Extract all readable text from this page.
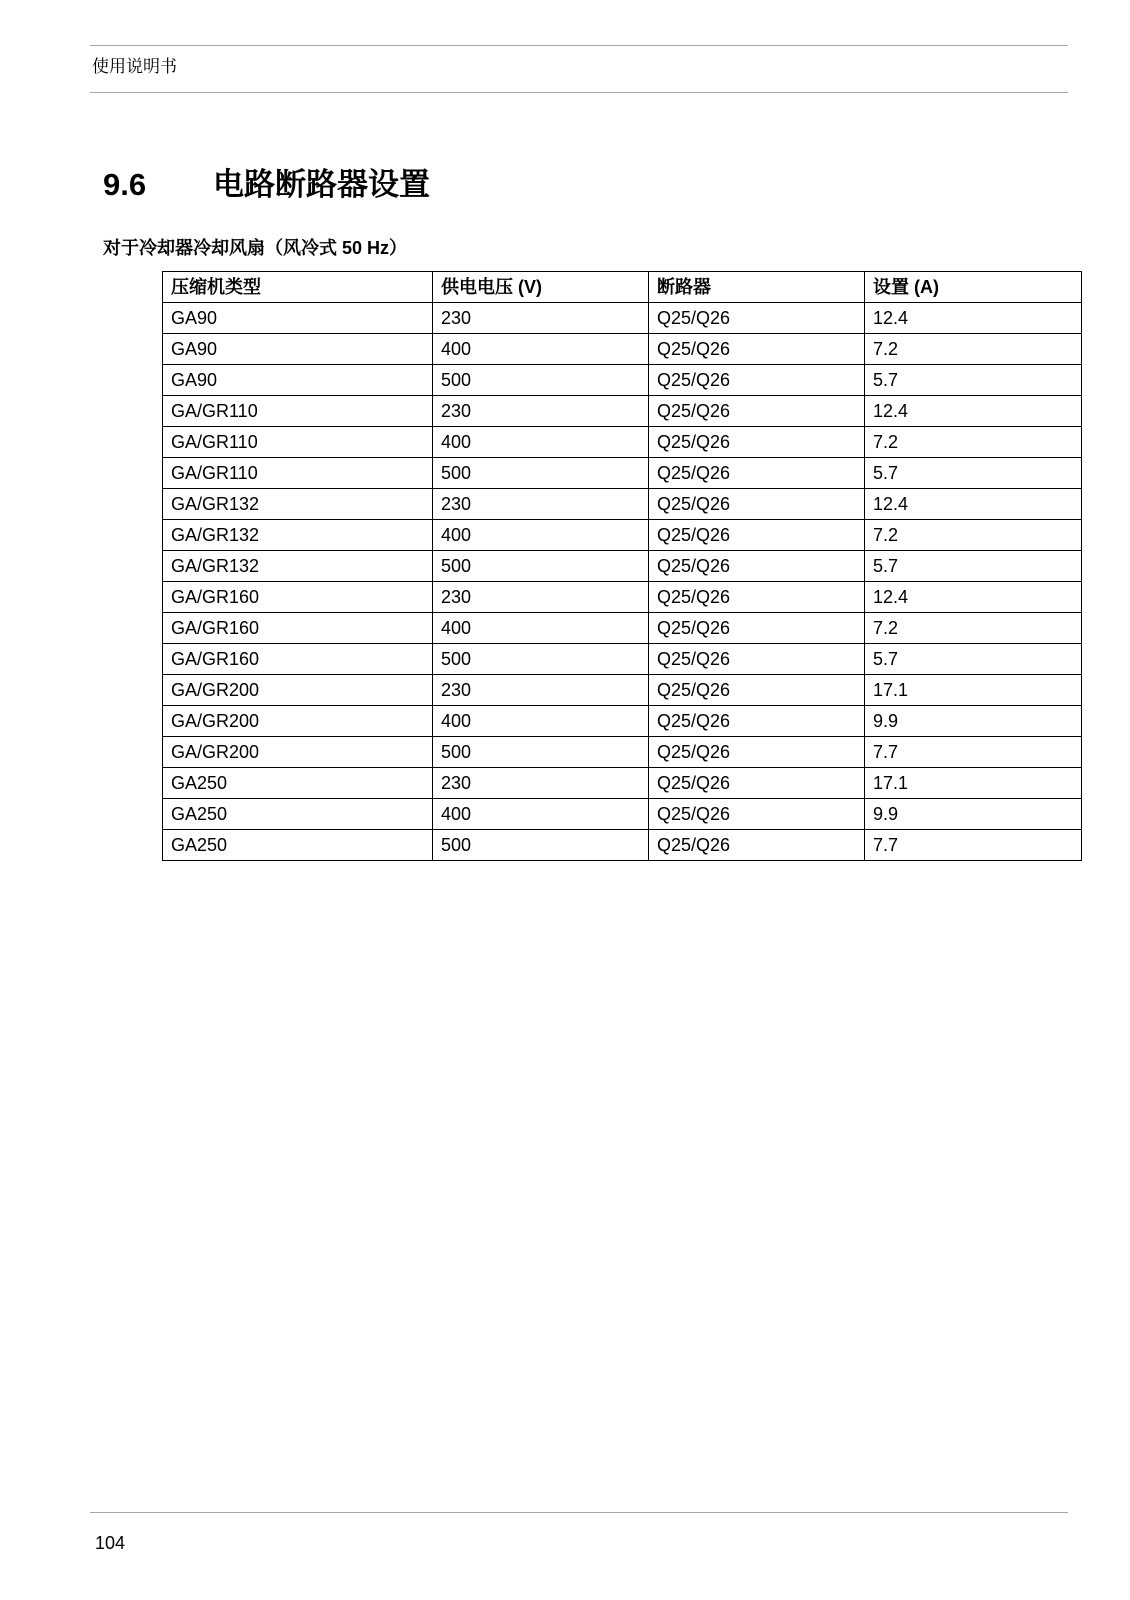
使用说明书
9.6 电路断路器设置
对于冷却器冷却风扇（风冷式 50 Hz）
压缩机类型	供电电压 (V)	断路器	设置 (A)
GA90	230	Q25/Q26	12.4
GA90	400	Q25/Q26	7.2
GA90	500	Q25/Q26	5.7
GA/GR110	230	Q25/Q26	12.4
GA/GR110	400	Q25/Q26	7.2
GA/GR110	500	Q25/Q26	5.7
GA/GR132	230	Q25/Q26	12.4
GA/GR132	400	Q25/Q26	7.2
GA/GR132	500	Q25/Q26	5.7
GA/GR160	230	Q25/Q26	12.4
GA/GR160	400	Q25/Q26	7.2
GA/GR160	500	Q25/Q26	5.7
GA/GR200	230	Q25/Q26	17.1
GA/GR200	400	Q25/Q26	9.9
GA/GR200	500	Q25/Q26	7.7
GA250	230	Q25/Q26	17.1
GA250	400	Q25/Q26	9.9
GA250	500	Q25/Q26	7.7
104
